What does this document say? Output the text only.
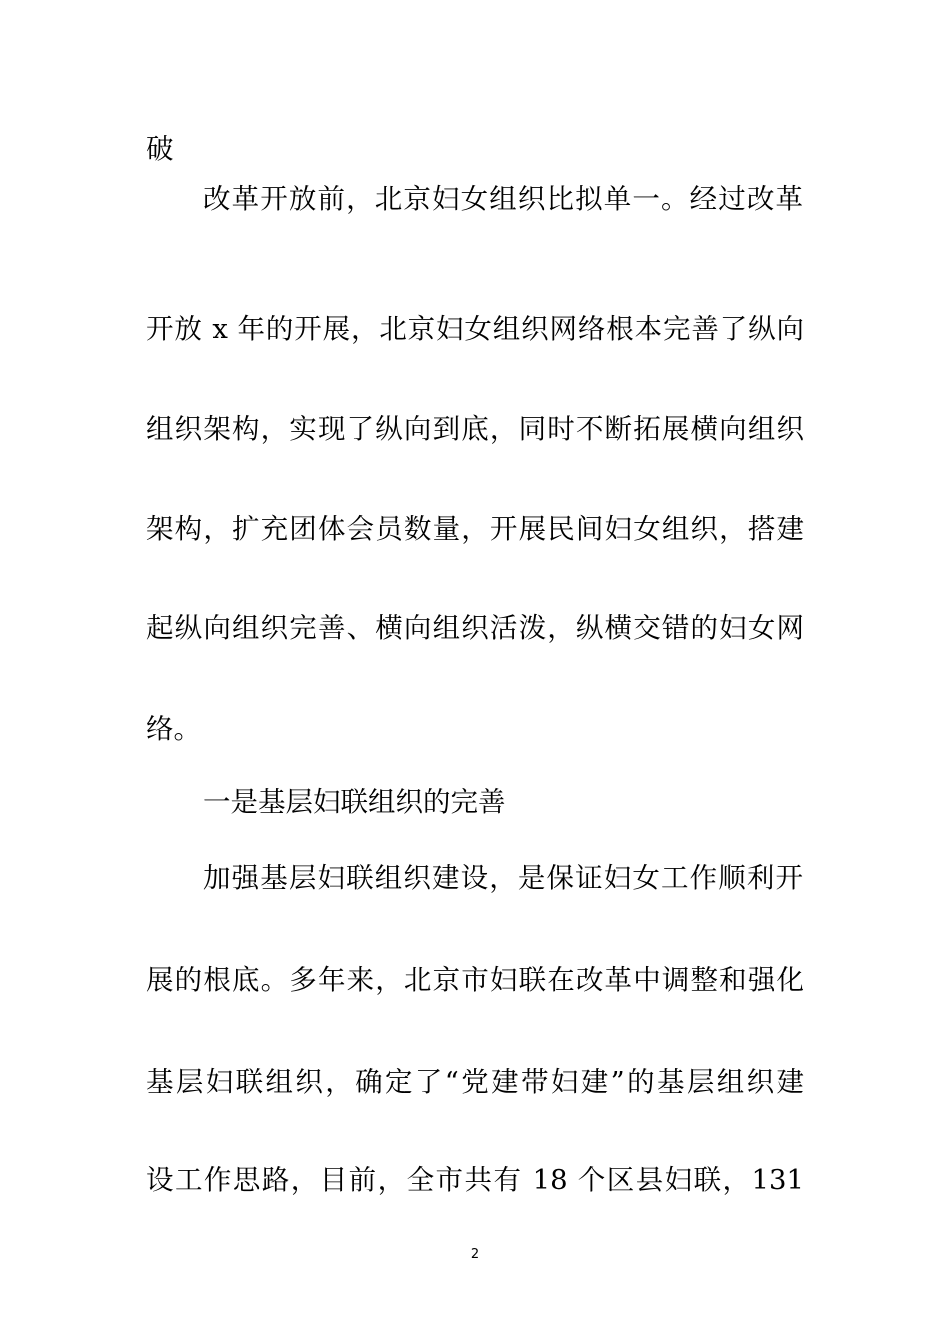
破
改革开放前，北京妇女组织比拟单一。经过改革
开放 x 年的开展，北京妇女组织网络根本完善了纵向
组织架构，实现了纵向到底，同时不断拓展横向组织
架构，扩充团体会员数量，开展民间妇女组织，搭建
起纵向组织完善、横向组织活泼，纵横交错的妇女网
络。
一是基层妇联组织的完善
加强基层妇联组织建设，是保证妇女工作顺利开
展的根底。多年来，北京市妇联在改革中调整和强化
基层妇联组织，确定了“党建带妇建”的基层组织建
设工作思路，目前，全市共有 18 个区县妇联，131
2
